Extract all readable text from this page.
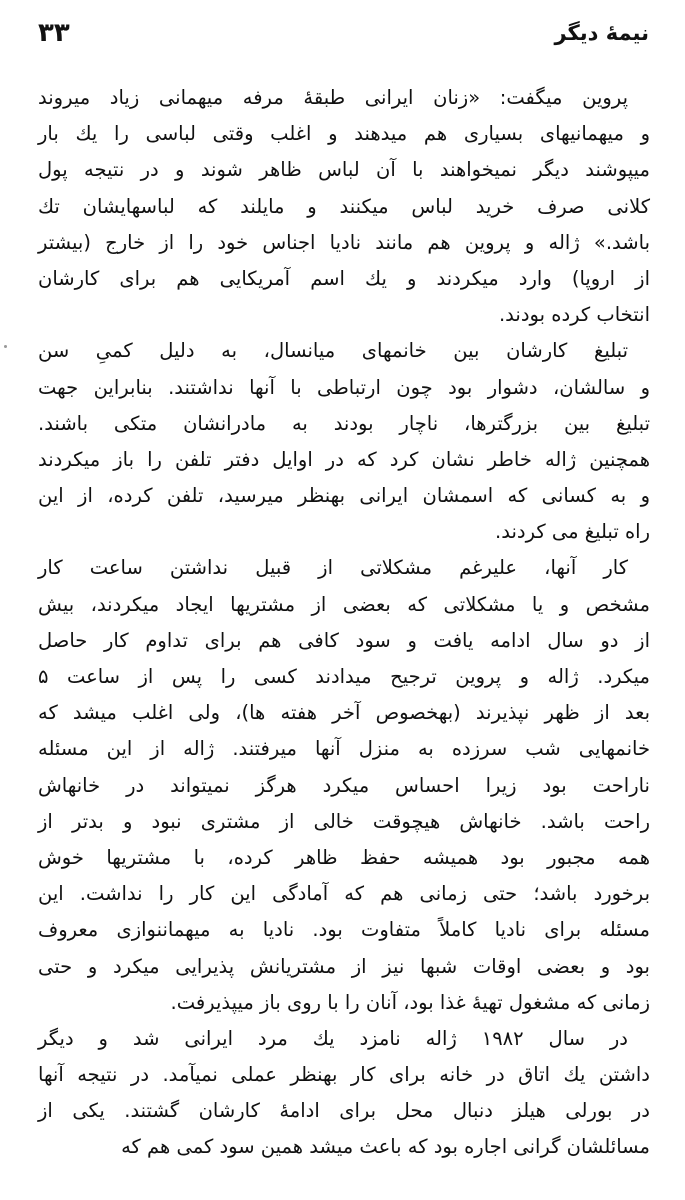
۳۳	نیمهٔ دیگر
پروین میگفت: «زنان ایرانی طبقهٔ مرفه میهمانی زیاد میروند
و میهمانیهای بسیاری هم میدهند و اغلب وقتی لباسی را یك بار
میپوشند دیگر نمیخواهند با آن لباس ظاهر شوند و در نتیجه پول
کلانی صرف خرید لباس میکنند و مایلند که لباسهایشان تك
باشد.» ژاله و پروین هم مانند نادیا اجناس خود را از خارج (بیشتر
از اروپا) وارد میکردند و یك اسم آمریکایی هم برای کارشان
انتخاب کرده بودند.
تبلیغ کارشان بین خانمهای میانسال، به دلیل کمیِ سن
و سالشان، دشوار بود چون ارتباطی با آنها نداشتند. بنابراین جهت
تبلیغ بین بزرگترها، ناچار بودند به مادرانشان متکی باشند.
همچنین ژاله خاطر نشان کرد که در اوایل دفتر تلفن را باز میکردند
و به کسانی که اسمشان ایرانی بهنظر میرسید، تلفن کرده، از این
راه تبلیغ می کردند.
کار آنها، علیرغم مشکلاتی از قبیل نداشتن ساعت کار
مشخص و یا مشکلاتی که بعضی از مشتریها ایجاد میکردند، بیش
از دو سال ادامه یافت و سود کافی هم برای تداوم کار حاصل
میکرد. ژاله و پروین ترجیح میدادند کسی را پس از ساعت ۵
بعد از ظهر نپذیرند (بهخصوص آخر هفته ها)، ولی اغلب میشد که
خانمهایی شب سرزده به منزل آنها میرفتند. ژاله از این مسئله
ناراحت بود زیرا احساس میکرد هرگز نمیتواند در خانهاش
راحت باشد. خانهاش هیچوقت خالی از مشتری نبود و بدتر از
همه مجبور بود همیشه حفظ ظاهر کرده، با مشتریها خوش
برخورد باشد؛ حتی زمانی هم که آمادگی این کار را نداشت. این
مسئله برای نادیا کاملاً متفاوت بود. نادیا به میهماننوازی معروف
بود و بعضی اوقات شبها نیز از مشتریانش پذیرایی میکرد و حتی
زمانی که مشغول تهیهٔ غذا بود، آنان را با روی باز میپذیرفت.
در سال ۱۹۸۲ ژاله نامزد یك مرد ایرانی شد و دیگر
داشتن یك اتاق در خانه برای کار بهنظر عملی نمیآمد. در نتیجه آنها
در بورلی هیلز دنبال محل برای ادامهٔ کارشان گشتند. یکی از
مسائلشان گرانی اجاره بود که باعث میشد همین سود کمی هم که
